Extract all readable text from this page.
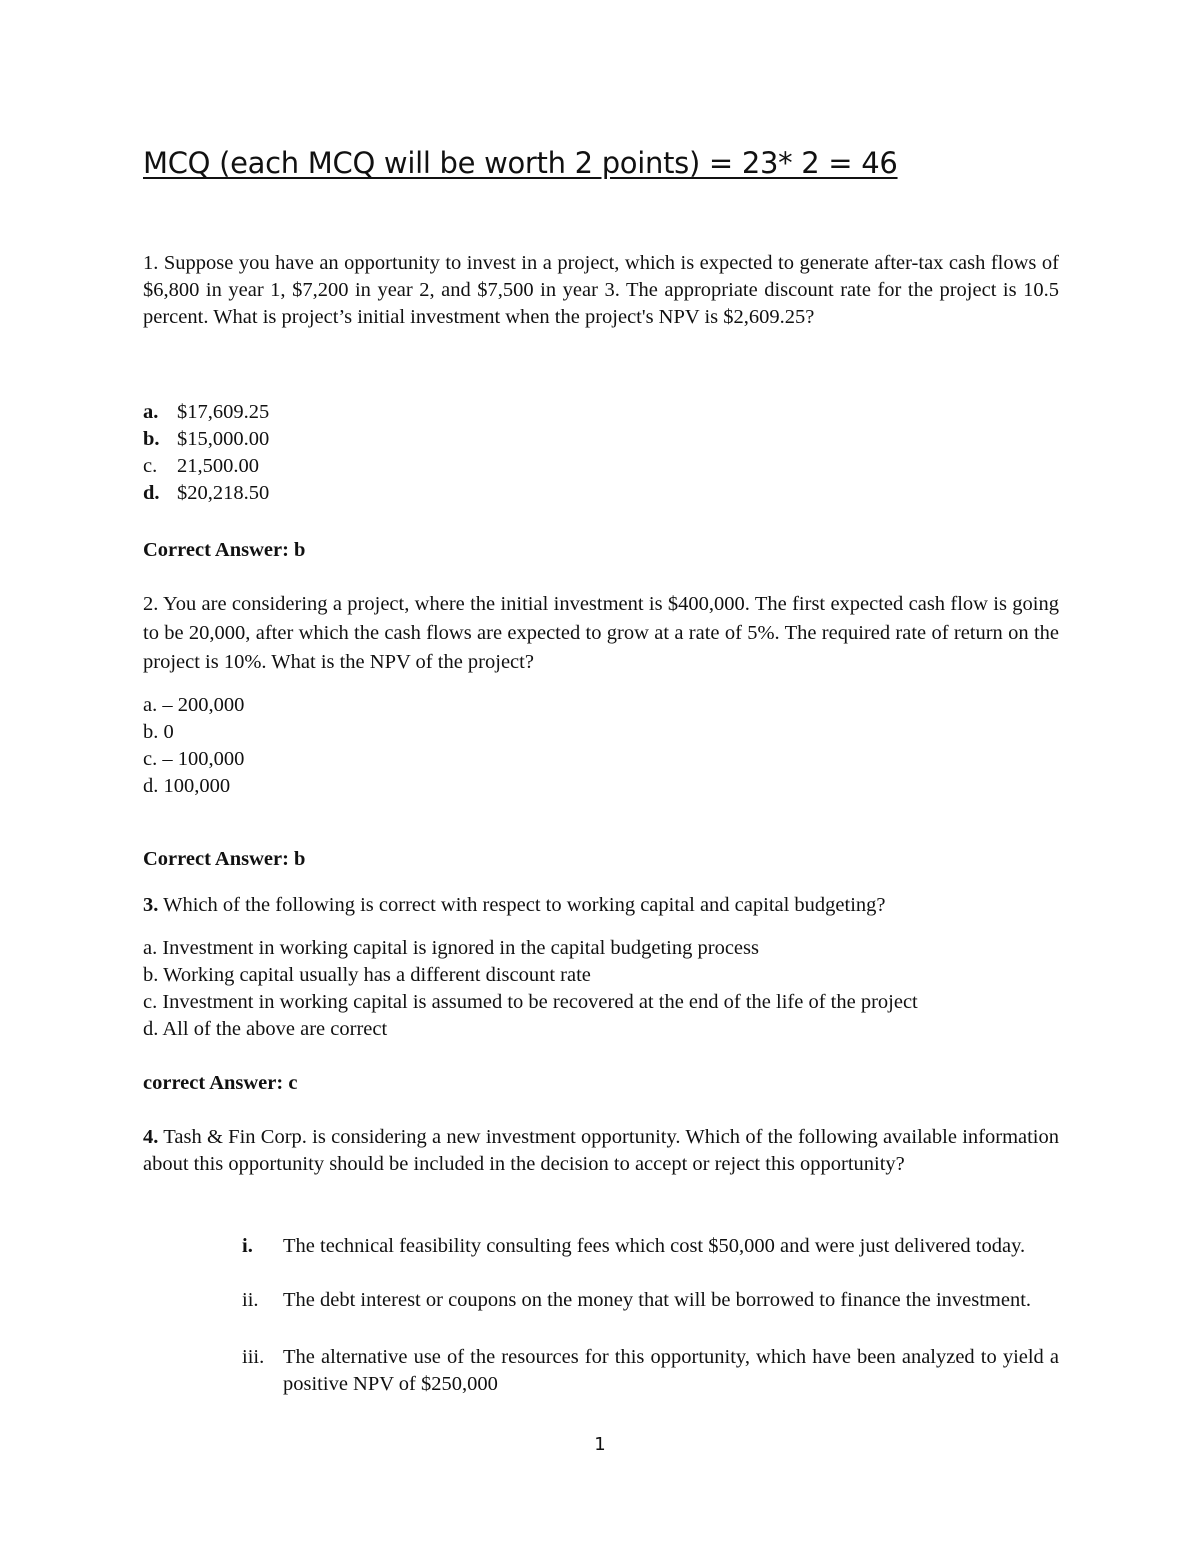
MCQ (each MCQ will be worth 2 points) = 23* 2 = 46

1. Suppose you have an opportunity to invest in a project, which is expected to generate after-tax cash flows of $6,800 in year 1, $7,200 in year 2, and $7,500 in year 3. The appropriate discount rate for the project is 10.5 percent. What is project’s initial investment when the project's NPV is $2,609.25?

a. $17,609.25
b. $15,000.00
c. 21,500.00
d. $20,218.50
Correct Answer: b

2. You are considering a project, where the initial investment is $400,000. The first expected cash flow is going to be 20,000, after which the cash flows are expected to grow at a rate of 5%. The required rate of return on the project is 10%. What is the NPV of the project?

a. – 200,000
b. 0
c. – 100,000
d. 100,000
Correct Answer: b
3. Which of the following is correct with respect to working capital and capital budgeting?
a. Investment in working capital is ignored in the capital budgeting process
b. Working capital usually has a different discount rate
c. Investment in working capital is assumed to be recovered at the end of the life of the project
d. All of the above are correct
correct Answer: c

4. Tash & Fin Corp. is considering a new investment opportunity. Which of the following available information about this opportunity should be included in the decision to accept or reject this opportunity?

i.	The technical feasibility consulting fees which cost $50,000 and were just delivered today.
ii.	The debt interest or coupons on the money that will be borrowed to finance the investment.
iii. The alternative use of the resources for this opportunity, which have been analyzed to yield a positive NPV of $250,000
1
